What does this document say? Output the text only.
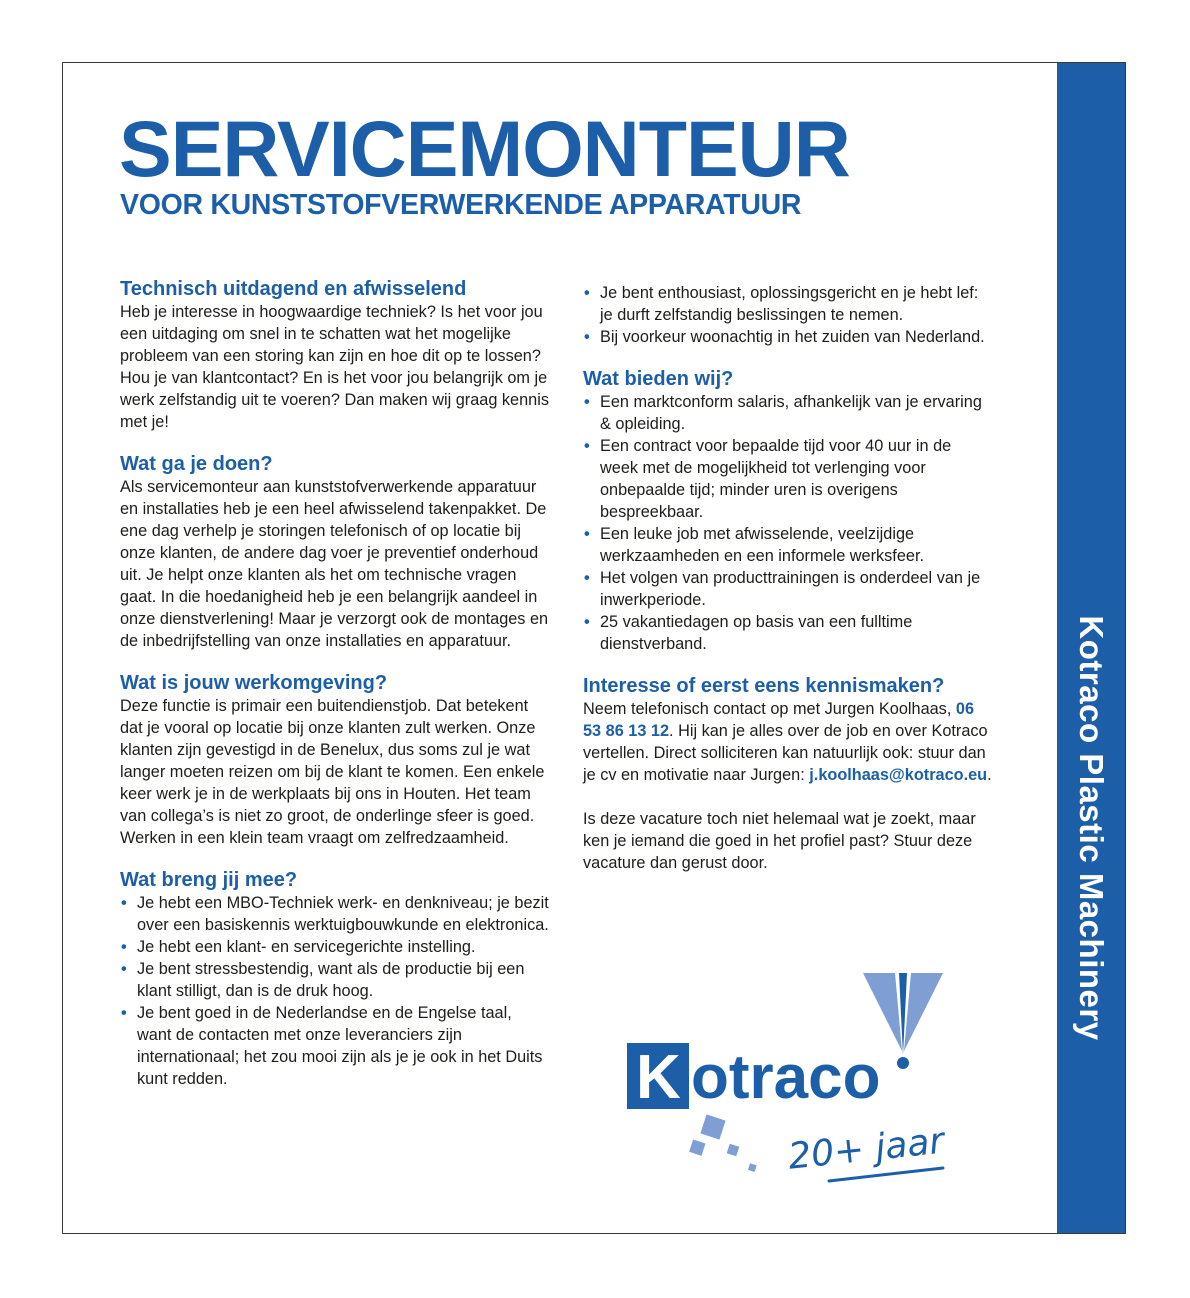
SERVICEMONTEUR
VOOR KUNSTSTOFVERWERKENDE APPARATUUR
Technisch uitdagend en afwisselend

Heb je interesse in hoogwaardige techniek? Is het voor jou een uitdaging om snel in te schatten wat het mogelijke probleem van een storing kan zijn en hoe dit op te lossen? Hou je van klantcontact? En is het voor jou belangrijk om je werk zelfstandig uit te voeren? Dan maken wij graag kennis met je!

Wat ga je doen?

Als servicemonteur aan kunststofverwerkende apparatuur en installaties heb je een heel afwisselend takenpakket. De ene dag verhelp je storingen telefonisch of op locatie bij onze klanten, de andere dag voer je preventief onderhoud uit. Je helpt onze klanten als het om technische vragen gaat. In die hoedanigheid heb je een belangrijk aandeel in onze dienstverlening! Maar je verzorgt ook de montages en de inbedrijfstelling van onze installaties en apparatuur.

Wat is jouw werkomgeving?

Deze functie is primair een buitendienstjob. Dat betekent dat je vooral op locatie bij onze klanten zult werken. Onze klanten zijn gevestigd in de Benelux, dus soms zul je wat langer moeten reizen om bij de klant te komen. Een enkele keer werk je in de werkplaats bij ons in Houten. Het team van collega’s is niet zo groot, de onderlinge sfeer is goed. Werken in een klein team vraagt om zelfredzaamheid.

Wat breng jij mee?
• Je hebt een MBO-Techniek werk- en denkniveau; je bezit over een basiskennis werktuigbouwkunde en elektronica.
• Je hebt een klant- en servicegerichte instelling.
• Je bent stressbestendig, want als de productie bij een klant stilligt, dan is de druk hoog.
• Je bent goed in de Nederlandse en de Engelse taal, want de contacten met onze leveranciers zijn internationaal; het zou mooi zijn als je je ook in het Duits kunt redden.
• Je bent enthousiast, oplossingsgericht en je hebt lef: je durft zelfstandig beslissingen te nemen.
• Bij voorkeur woonachtig in het zuiden van Nederland.
Wat bieden wij?
• Een marktconform salaris, afhankelijk van je ervaring & opleiding.
• Een contract voor bepaalde tijd voor 40 uur in de week met de mogelijkheid tot verlenging voor onbepaalde tijd; minder uren is overigens bespreekbaar.
• Een leuke job met afwisselende, veelzijdige werkzaamheden en een informele werksfeer.
• Het volgen van producttrainingen is onderdeel van je inwerkperiode.
• 25 vakantiedagen op basis van een fulltime dienstverband.
Interesse of eerst eens kennismaken?

Neem telefonisch contact op met Jurgen Koolhaas, 06 53 86 13 12. Hij kan je alles over de job en over Kotraco vertellen. Direct solliciteren kan natuurlijk ook: stuur dan je cv en motivatie naar Jurgen: j.koolhaas@kotraco.eu.

Is deze vacature toch niet helemaal wat je zoekt, maar ken je iemand die goed in het profiel past? Stuur deze vacature dan gerust door.

K otraco
20+ jaar
Kotraco Plastic Machinery
